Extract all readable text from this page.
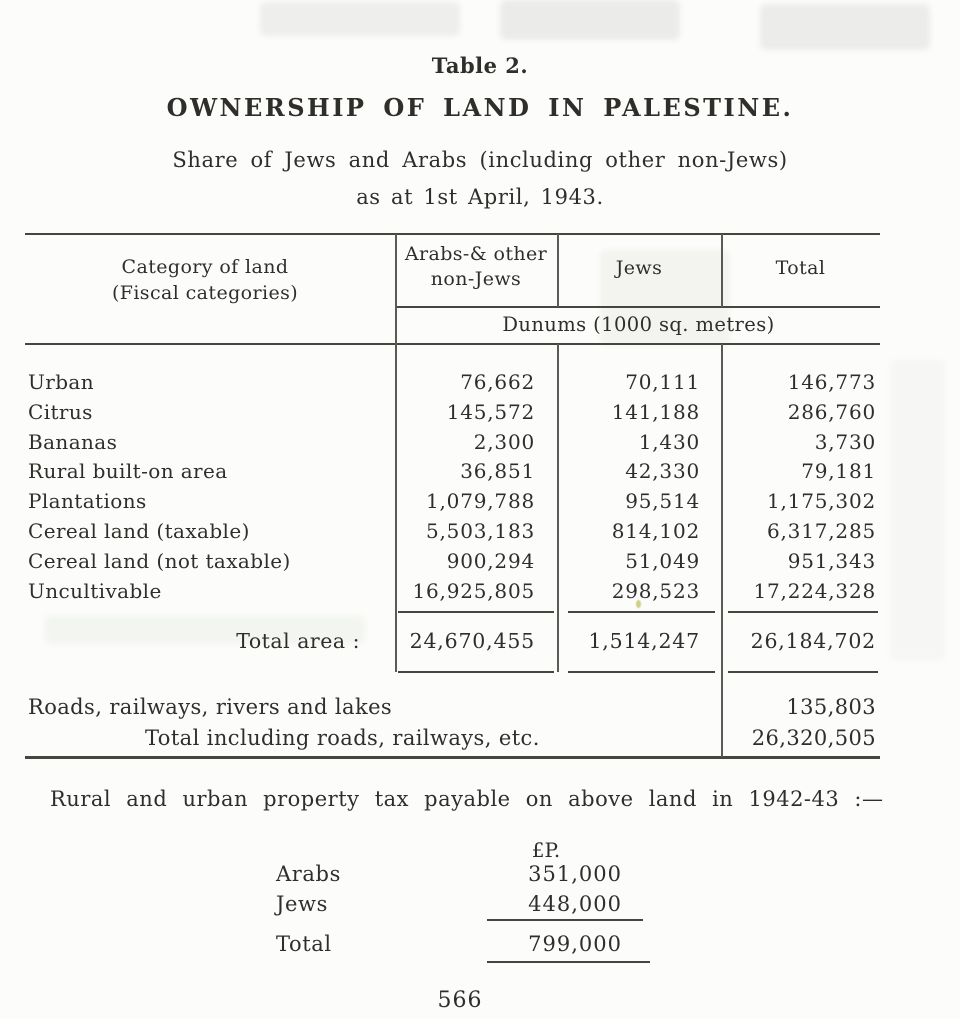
Table 2.
OWNERSHIP OF LAND IN PALESTINE.
Share of Jews and Arabs (including other non-Jews)
as at 1st April, 1943.
Category of land
(Fiscal categories)
Arabs-& other
non-Jews	Jews	Total
Dunums (1000 sq. metres)
Urban	76,662	70,111	146,773
Citrus	145,572	141,188	286,760
Bananas	2,300	1,430	3,730
Rural built-on area	36,851	42,330	79,181
Plantations	1,079,788	95,514	1,175,302
Cereal land (taxable)	5,503,183	814,102	6,317,285
Cereal land (not taxable)	900,294	51,049	951,343
Uncultivable	16,925,805	298,523	17,224,328
Total area :	24,670,455	1,514,247	26,184,702
Roads, railways, rivers and lakes	135,803
Total including roads, railways, etc.	26,320,505
Rural and urban property tax payable on above land in 1942-43 :—
£P.
Arabs	351,000
Jews	448,000
Total	799,000
566
